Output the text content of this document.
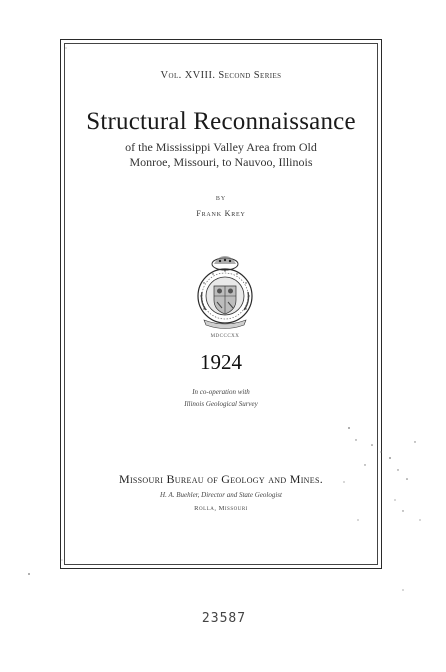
Vol. XVIII. Second Series
Structural Reconnaissance
of the Mississippi Valley Area from Old
Monroe, Missouri, to Nauvoo, Illinois
BY
Frank Krey
MDCCCXX
1924
In co-operation with
Illinois Geological Survey
Missouri Bureau of Geology and Mines.
H. A. Buehler, Director and State Geologist
Rolla, Missouri
23587
